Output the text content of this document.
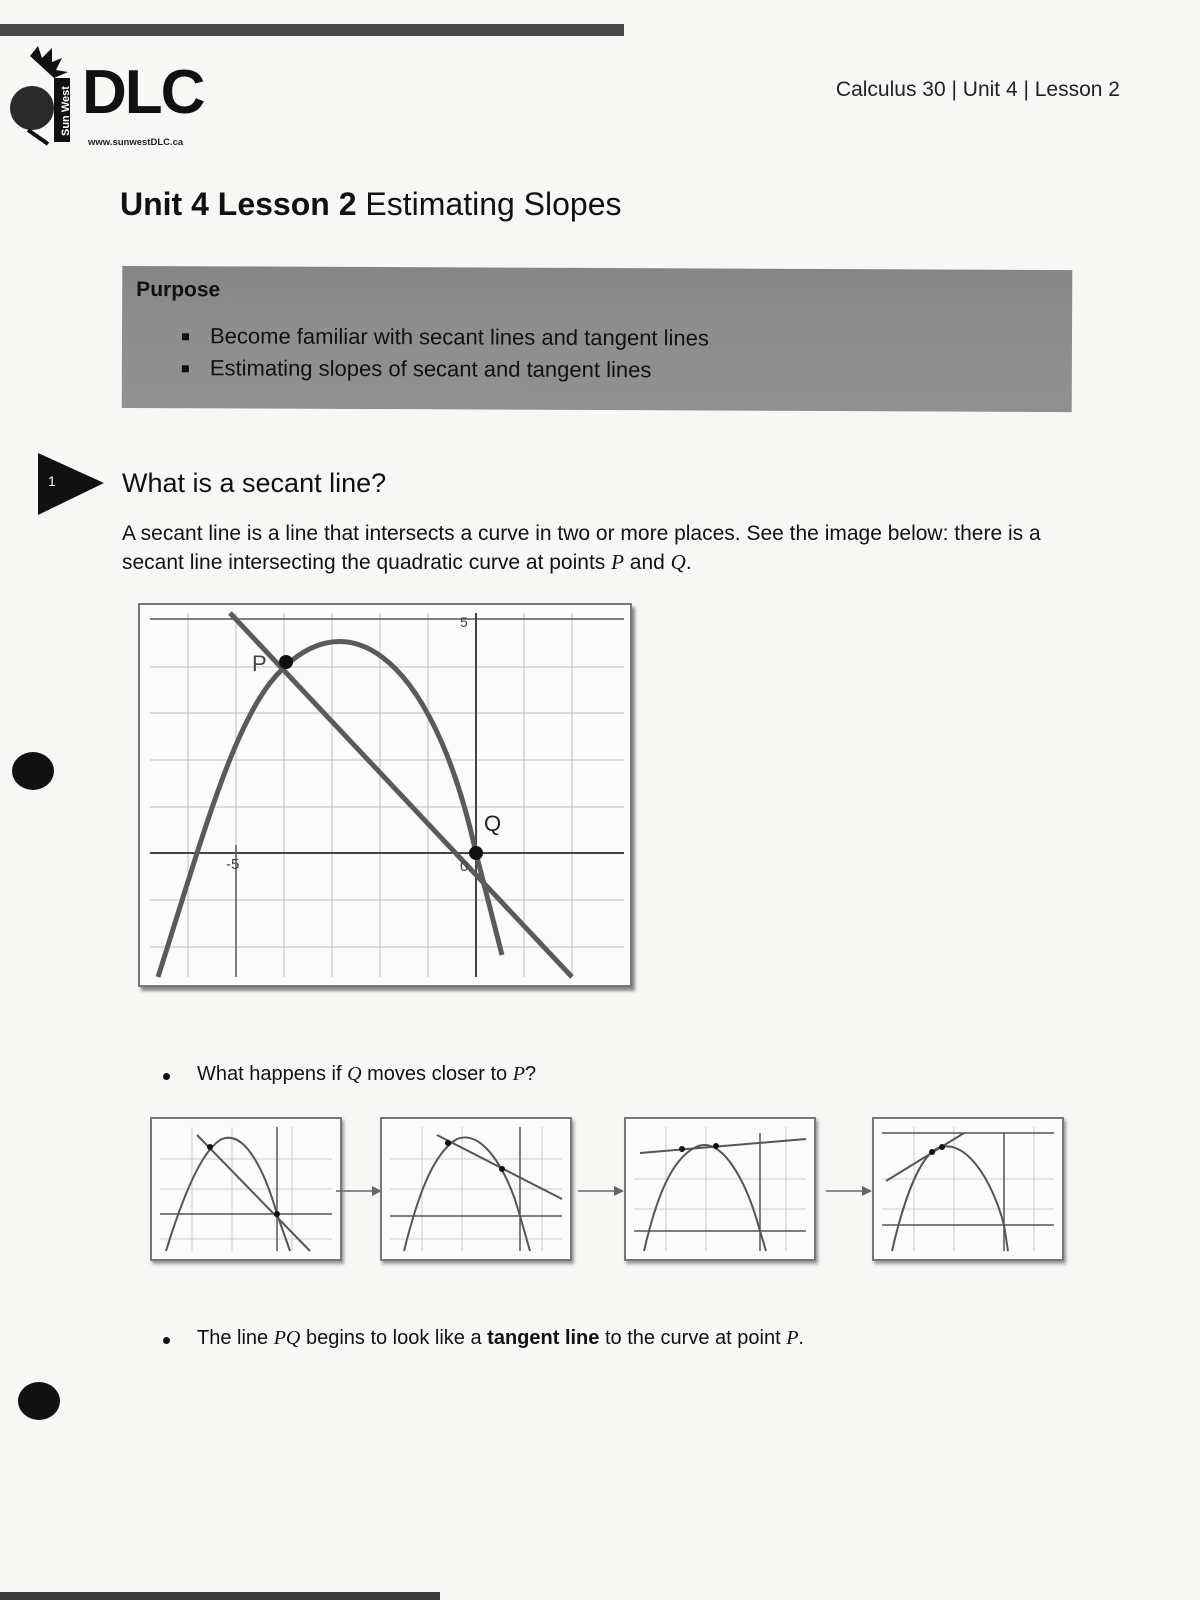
Sun West DLC
www.sunwestDLC.ca
Calculus 30 | Unit 4 | Lesson 2
Unit 4 Lesson 2 Estimating Slopes
Purpose
Become familiar with secant lines and tangent lines
Estimating slopes of secant and tangent lines
1 What is a secant line?
A secant line is a line that intersects a curve in two or more places. See the image below: there is a secant line intersecting the quadratic curve at points P and Q.
P
Q
5
-5	0
What happens if Q moves closer to P?
The line PQ begins to look like a tangent line to the curve at point P.
